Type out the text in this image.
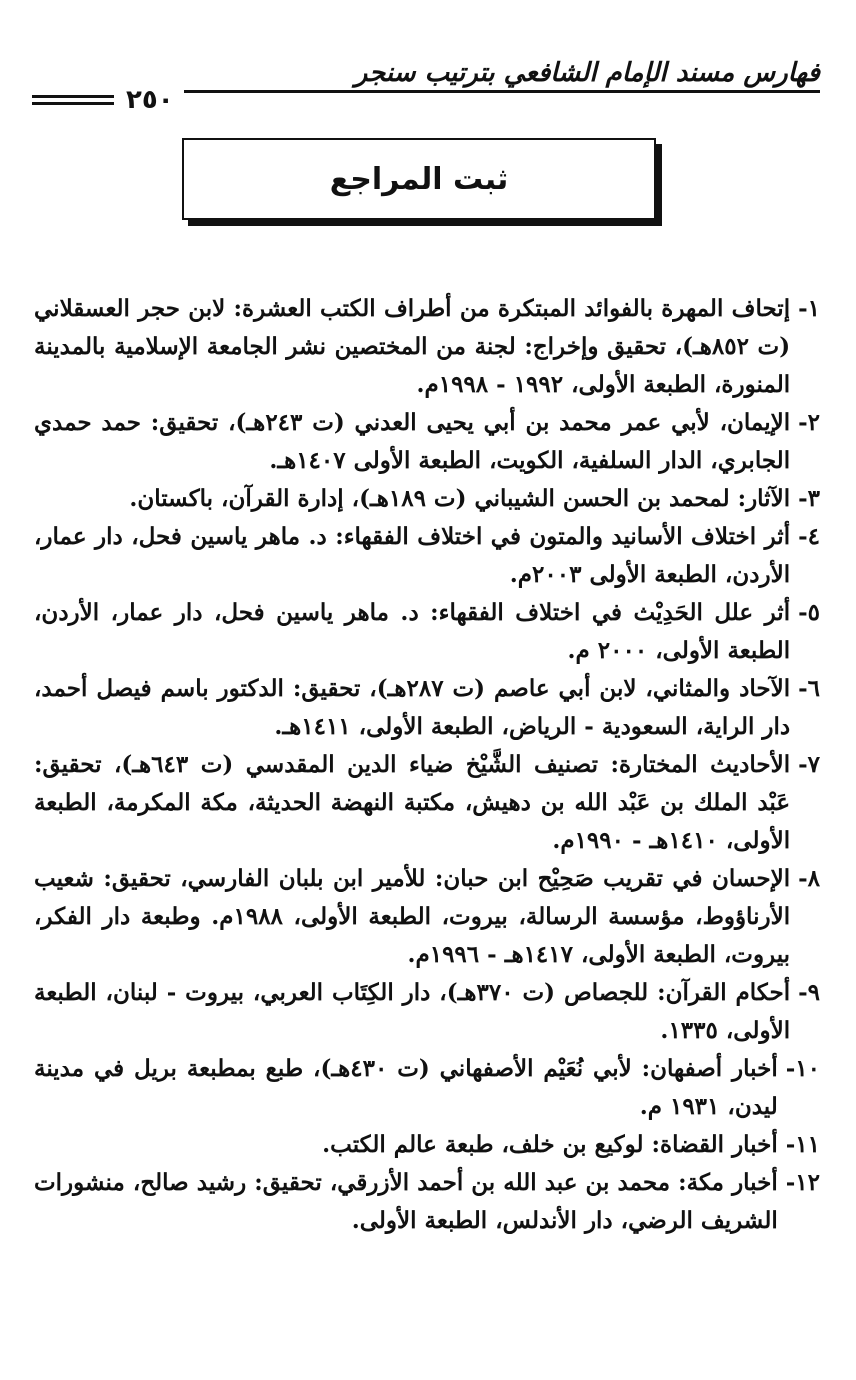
فهارس مسند الإمام الشافعي بترتيب سنجر
٢٥٠
ثبت المراجع
١-
إتحاف المهرة بالفوائد المبتكرة من أطراف الكتب العشرة: لابن حجر العسقلاني (ت ٨٥٢هـ)، تحقيق وإخراج: لجنة من المختصين نشر الجامعة الإسلامية بالمدينة المنورة، الطبعة الأولى، ١٩٩٢ - ١٩٩٨م.
٢-
الإيمان، لأبي عمر محمد بن أبي يحيى العدني (ت ٢٤٣هـ)، تحقيق: حمد حمدي الجابري، الدار السلفية، الكويت، الطبعة الأولى ١٤٠٧هـ.
٣-
الآثار: لمحمد بن الحسن الشيباني (ت ١٨٩هـ)، إدارة القرآن، باكستان.
٤-
أثر اختلاف الأسانيد والمتون في اختلاف الفقهاء: د. ماهر ياسين فحل، دار عمار، الأردن، الطبعة الأولى ٢٠٠٣م.
٥-
أثر علل الحَدِيْث في اختلاف الفقهاء: د. ماهر ياسين فحل، دار عمار، الأردن، الطبعة الأولى، ٢٠٠٠ م.
٦-
الآحاد والمثاني، لابن أبي عاصم (ت ٢٨٧هـ)، تحقيق: الدكتور باسم فيصل أحمد، دار الراية، السعودية - الرياض، الطبعة الأولى، ١٤١١هـ.
٧-
الأحاديث المختارة: تصنيف الشَّيْخ ضياء الدين المقدسي (ت ٦٤٣هـ)، تحقيق: عَبْد الملك بن عَبْد الله بن دهيش، مكتبة النهضة الحديثة، مكة المكرمة، الطبعة الأولى، ١٤١٠هـ - ١٩٩٠م.
٨-
الإحسان في تقريب صَحِيْح ابن حبان: للأمير ابن بلبان الفارسي، تحقيق: شعيب الأرناؤوط، مؤسسة الرسالة، بيروت، الطبعة الأولى، ١٩٨٨م. وطبعة دار الفكر، بيروت، الطبعة الأولى، ١٤١٧هـ - ١٩٩٦م.
٩-
أحكام القرآن: للجصاص (ت ٣٧٠هـ)، دار الكِتَاب العربي، بيروت - لبنان، الطبعة الأولى، ١٣٣٥.
١٠-
أخبار أصفهان: لأبي نُعَيْم الأصفهاني (ت ٤٣٠هـ)، طبع بمطبعة بريل في مدينة ليدن، ١٩٣١ م.
١١-
أخبار القضاة: لوكيع بن خلف، طبعة عالم الكتب.
١٢-
أخبار مكة: محمد بن عبد الله بن أحمد الأزرقي، تحقيق: رشيد صالح، منشورات الشريف الرضي، دار الأندلس، الطبعة الأولى.
